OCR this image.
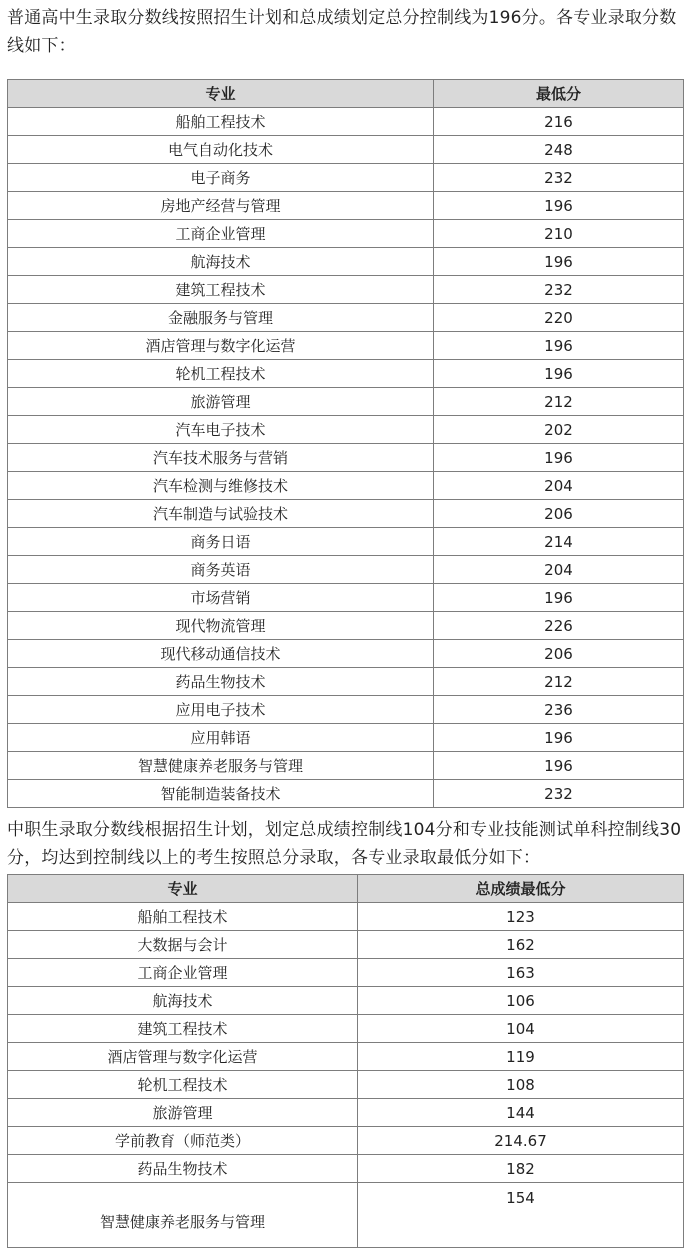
普通高中生录取分数线按照招生计划和总成绩划定总分控制线为196分。各专业录取分数线如下：

专业	最低分
船舶工程技术	216
电气自动化技术	248
电子商务	232
房地产经营与管理	196
工商企业管理	210
航海技术	196
建筑工程技术	232
金融服务与管理	220
酒店管理与数字化运营	196
轮机工程技术	196
旅游管理	212
汽车电子技术	202
汽车技术服务与营销	196
汽车检测与维修技术	204
汽车制造与试验技术	206
商务日语	214
商务英语	204
市场营销	196
现代物流管理	226
现代移动通信技术	206
药品生物技术	212
应用电子技术	236
应用韩语	196
智慧健康养老服务与管理	196
智能制造装备技术	232

中职生录取分数线根据招生计划，划定总成绩控制线104分和专业技能测试单科控制线30分，均达到控制线以上的考生按照总分录取，各专业录取最低分如下：

专业	总成绩最低分
船舶工程技术	123
大数据与会计	162
工商企业管理	163
航海技术	106
建筑工程技术	104
酒店管理与数字化运营	119
轮机工程技术	108
旅游管理	144
学前教育（师范类）	214.67
药品生物技术	182
智慧健康养老服务与管理	154
